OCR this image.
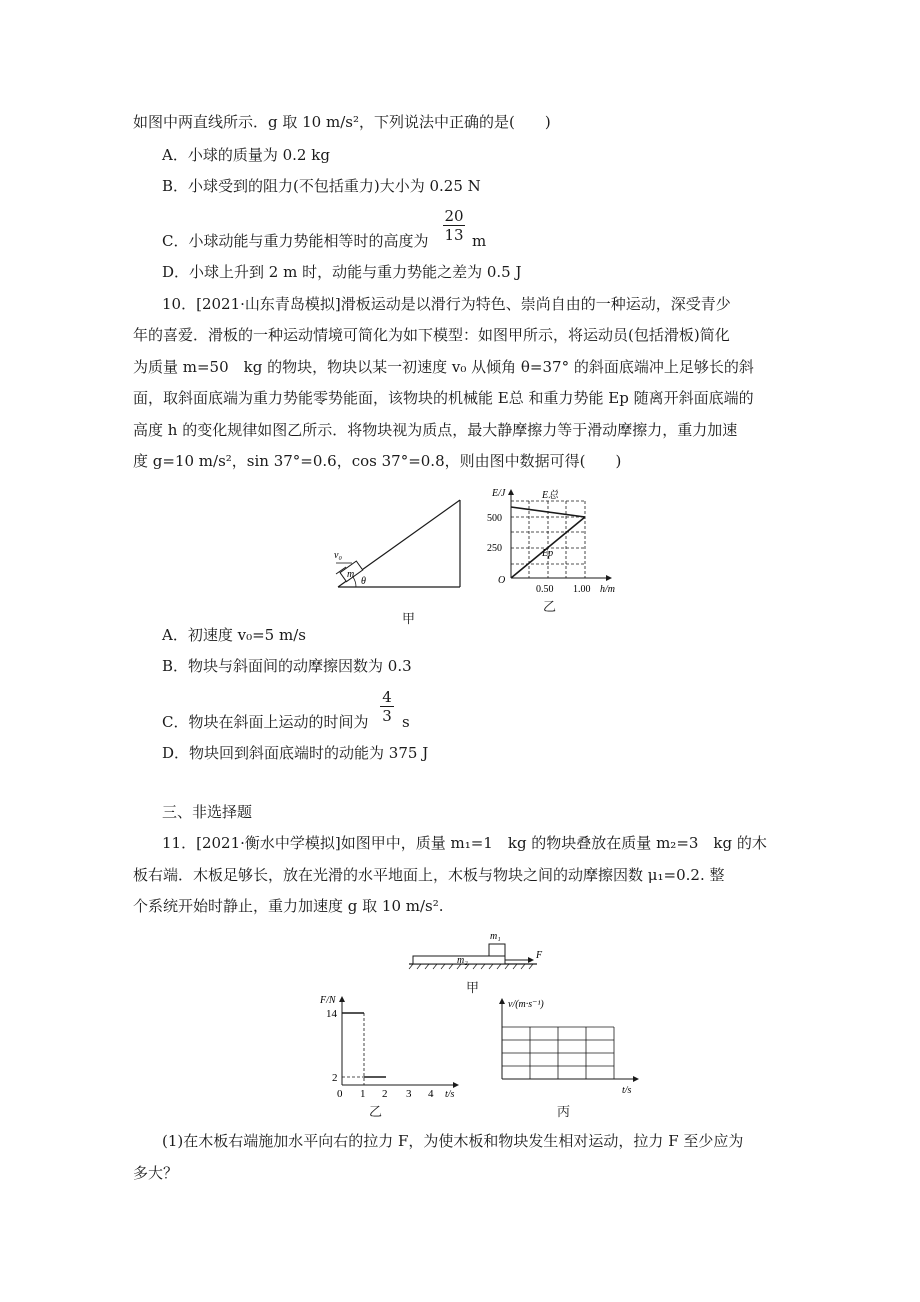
如图中两直线所示．g 取 10 m/s²，下列说法中正确的是(　　)
A．小球的质量为 0.2 kg
B．小球受到的阻力(不包括重力)大小为 0.25 N
C．小球动能与重力势能相等时的高度为 $\frac{20}{13}$ m
D．小球上升到 2 m 时，动能与重力势能之差为 0.5 J
10．[2021·山东青岛模拟]滑板运动是以滑行为特色、崇尚自由的一种运动，深受青少
年的喜爱．滑板的一种运动情境可简化为如下模型：如图甲所示，将运动员(包括滑板)简化
为质量 m=50　kg 的物块，物块以某一初速度 v₀ 从倾角 θ=37° 的斜面底端冲上足够长的斜
面，取斜面底端为重力势能零势能面，该物块的机械能 E总 和重力势能 Ep 随离开斜面底端的
高度 h 的变化规律如图乙所示．将物块视为质点，最大静摩擦力等于滑动摩擦力，重力加速
度 g=10 m/s²，sin 37°=0.6，cos 37°=0.8，则由图中数据可得(　　)
v₀
m
θ
甲
E/J
500
250
O
0.50 1.00 h/m
E总
Ep
乙
A．初速度 v₀=5 m/s
B．物块与斜面间的动摩擦因数为 0.3
C．物块在斜面上运动的时间为 $\frac{4}{3}$ s
D．物块回到斜面底端时的动能为 375 J
三、非选择题
11．[2021·衡水中学模拟]如图甲中，质量 m₁=1　kg 的物块叠放在质量 m₂=3　kg 的木
板右端．木板足够长，放在光滑的水平地面上，木板与物块之间的动摩擦因数 μ₁=0.2. 整
个系统开始时静止，重力加速度 g 取 10 m/s².
m₁
m₂	F
甲
F/N
14
2
0 1 2 3 4 t/s
乙
v/(m·s⁻¹)
t/s
丙
(1)在木板右端施加水平向右的拉力 F，为使木板和物块发生相对运动，拉力 F 至少应为
多大？
